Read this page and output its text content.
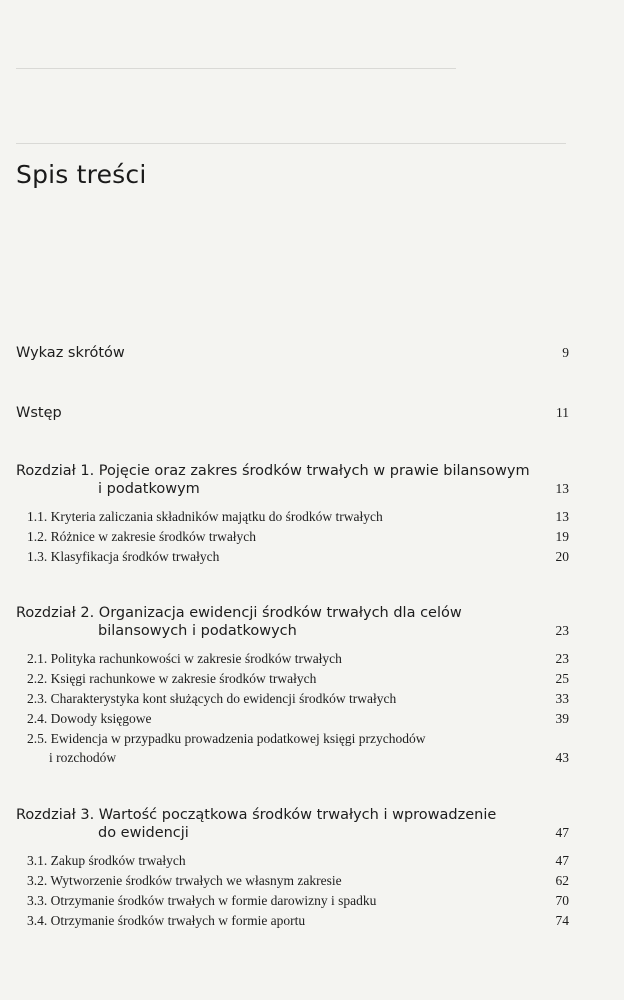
Spis treści
Wykaz skrótów	9
Wstęp	11
Rozdział 1. Pojęcie oraz zakres środków trwałych w prawie bilansowym
i podatkowym	13
1.1. Kryteria zaliczania składników majątku do środków trwałych	13
1.2. Różnice w zakresie środków trwałych	19
1.3. Klasyfikacja środków trwałych	20
Rozdział 2. Organizacja ewidencji środków trwałych dla celów
bilansowych i podatkowych	23
2.1. Polityka rachunkowości w zakresie środków trwałych	23
2.2. Księgi rachunkowe w zakresie środków trwałych	25
2.3. Charakterystyka kont służących do ewidencji środków trwałych	33
2.4. Dowody księgowe	39
2.5. Ewidencja w przypadku prowadzenia podatkowej księgi przychodów
i rozchodów	43
Rozdział 3. Wartość początkowa środków trwałych i wprowadzenie
do ewidencji	47
3.1. Zakup środków trwałych	47
3.2. Wytworzenie środków trwałych we własnym zakresie	62
3.3. Otrzymanie środków trwałych w formie darowizny i spadku	70
3.4. Otrzymanie środków trwałych w formie aportu	74
